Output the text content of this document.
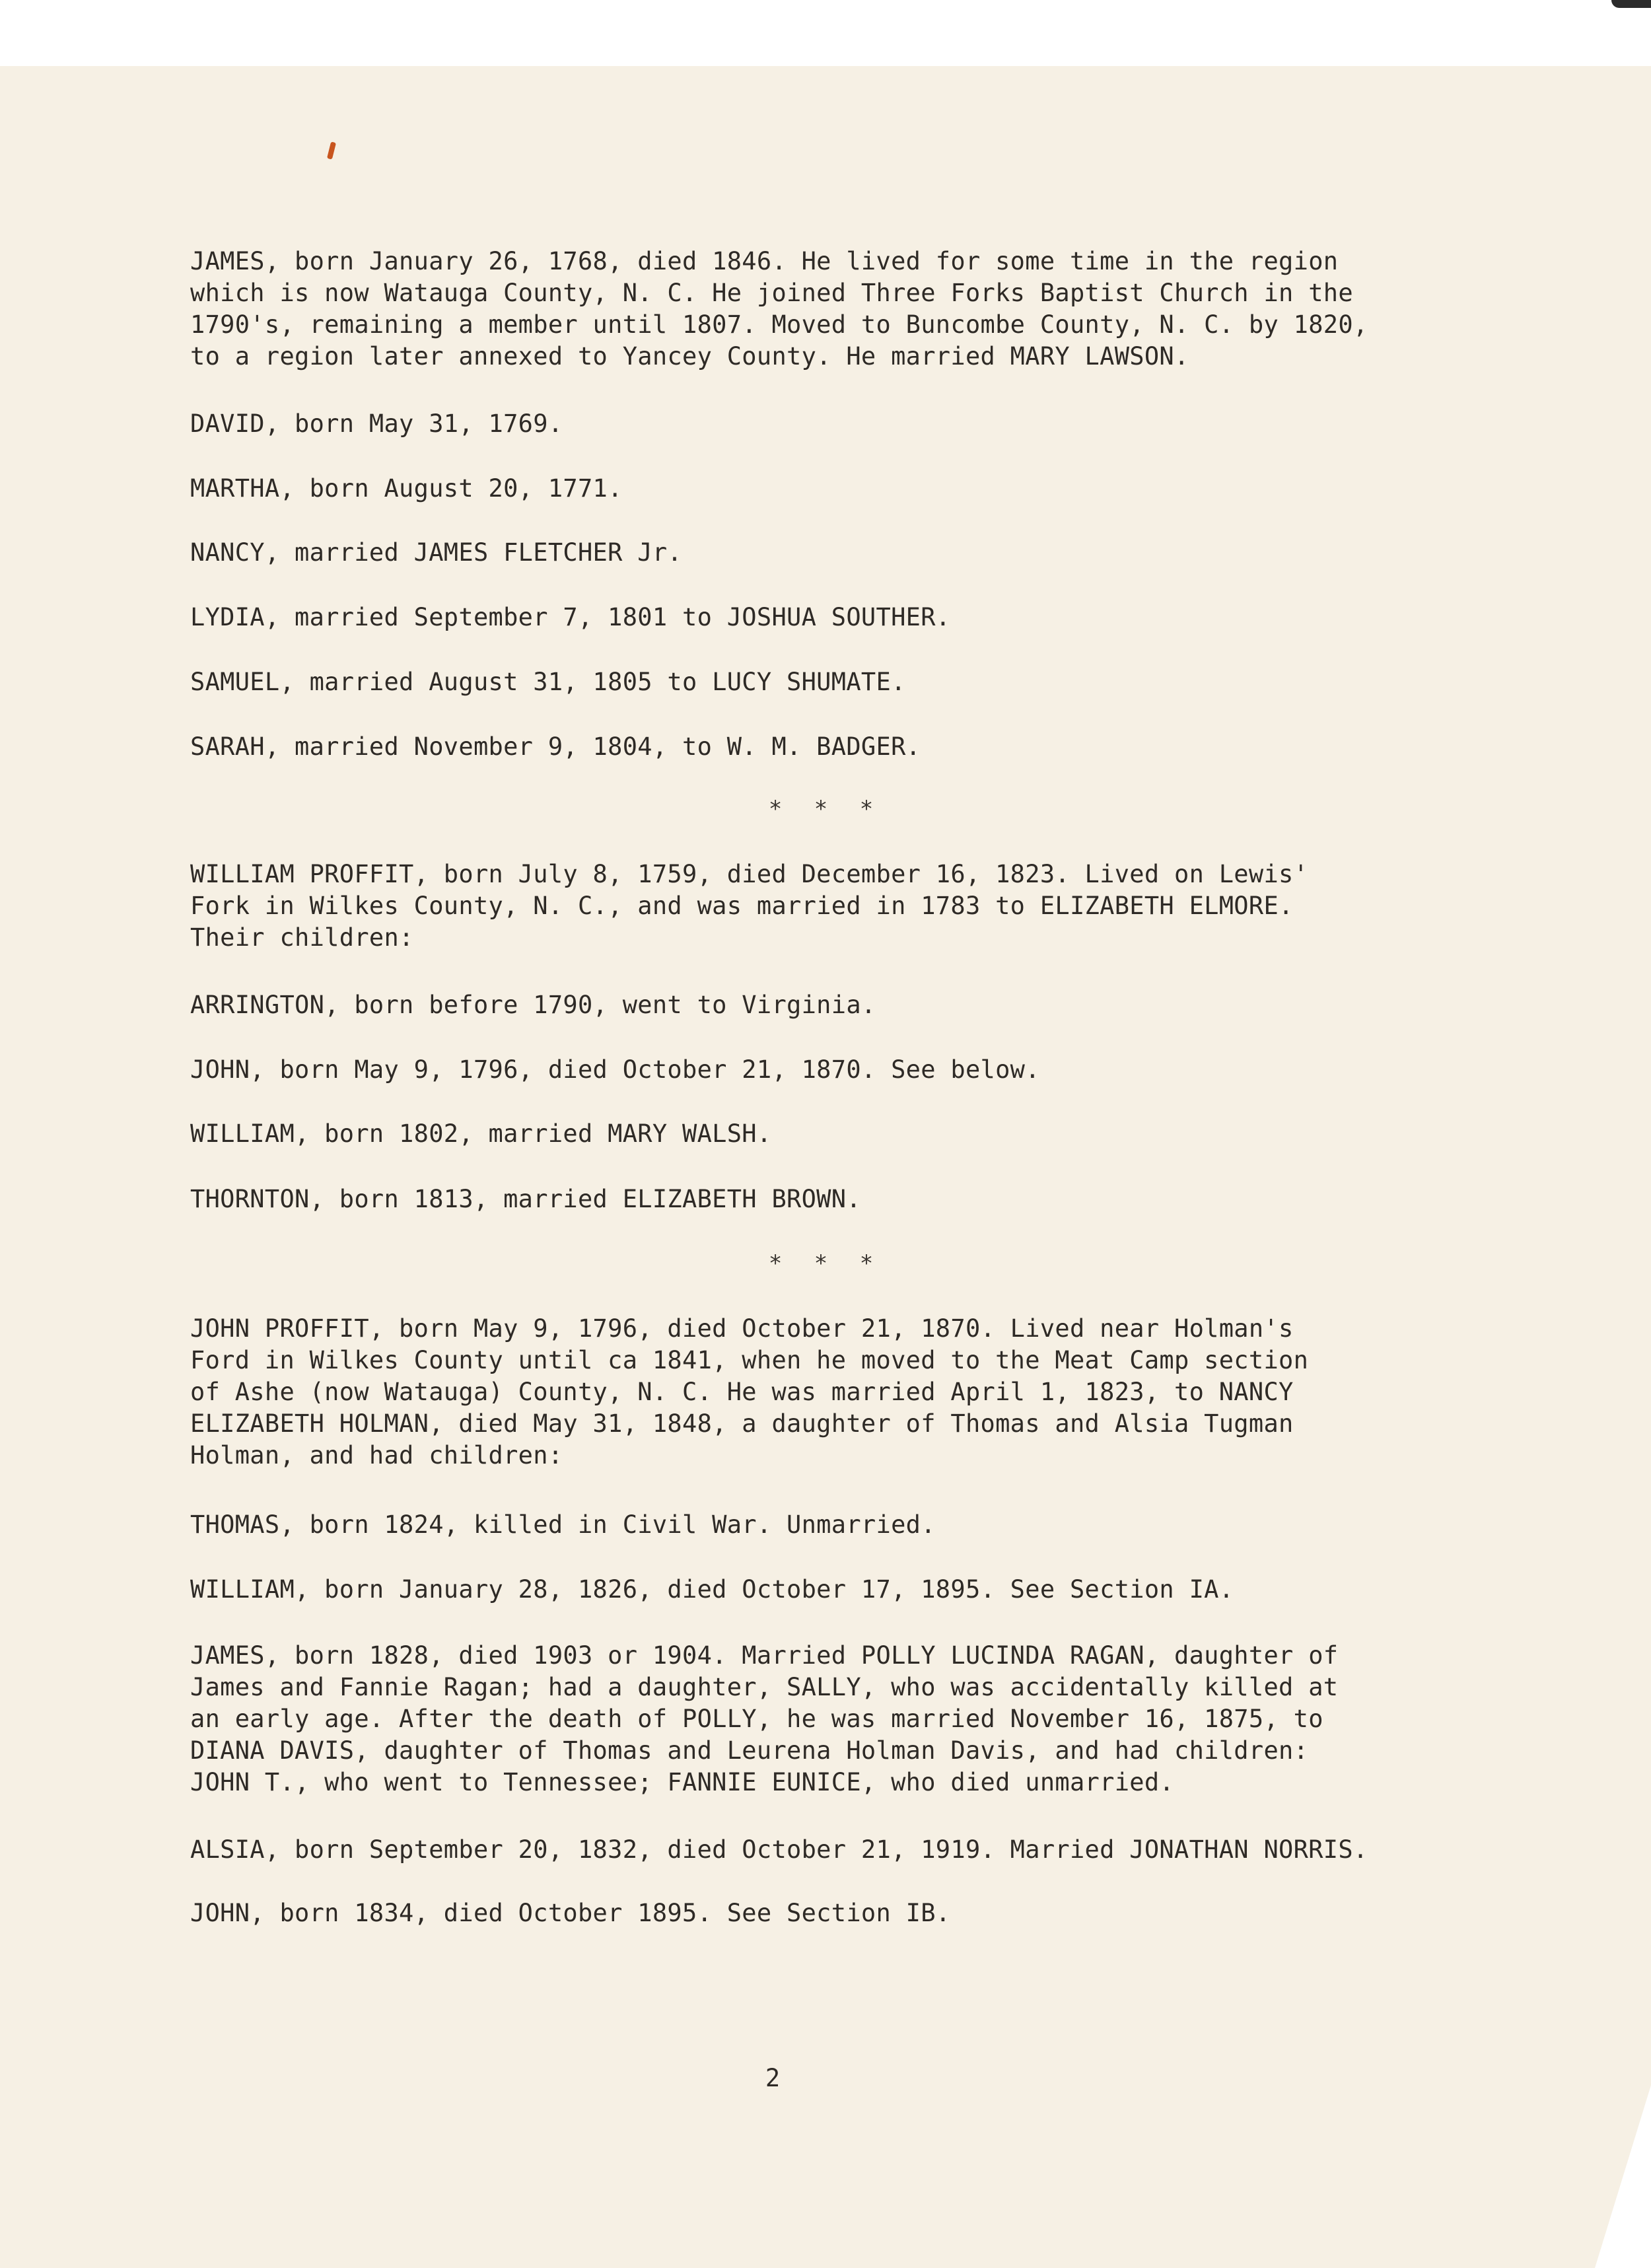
JAMES, born January 26, 1768, died 1846. He lived for some time in the region
which is now Watauga County, N. C. He joined Three Forks Baptist Church in the
1790's, remaining a member until 1807. Moved to Buncombe County, N. C. by 1820,
to a region later annexed to Yancey County. He married MARY LAWSON.

DAVID, born May 31, 1769.

MARTHA, born August 20, 1771.

NANCY, married JAMES FLETCHER Jr.

LYDIA, married September 7, 1801 to JOSHUA SOUTHER.

SAMUEL, married August 31, 1805 to LUCY SHUMATE.

SARAH, married November 9, 1804, to W. M. BADGER.

* * *

WILLIAM PROFFIT, born July 8, 1759, died December 16, 1823. Lived on Lewis'
Fork in Wilkes County, N. C., and was married in 1783 to ELIZABETH ELMORE.
Their children:

ARRINGTON, born before 1790, went to Virginia.

JOHN, born May 9, 1796, died October 21, 1870. See below.

WILLIAM, born 1802, married MARY WALSH.

THORNTON, born 1813, married ELIZABETH BROWN.

* * *

JOHN PROFFIT, born May 9, 1796, died October 21, 1870. Lived near Holman's
Ford in Wilkes County until ca 1841, when he moved to the Meat Camp section
of Ashe (now Watauga) County, N. C. He was married April 1, 1823, to NANCY
ELIZABETH HOLMAN, died May 31, 1848, a daughter of Thomas and Alsia Tugman
Holman, and had children:

THOMAS, born 1824, killed in Civil War. Unmarried.

WILLIAM, born January 28, 1826, died October 17, 1895. See Section IA.

JAMES, born 1828, died 1903 or 1904. Married POLLY LUCINDA RAGAN, daughter of
James and Fannie Ragan; had a daughter, SALLY, who was accidentally killed at
an early age. After the death of POLLY, he was married November 16, 1875, to
DIANA DAVIS, daughter of Thomas and Leurena Holman Davis, and had children:
JOHN T., who went to Tennessee; FANNIE EUNICE, who died unmarried.

ALSIA, born September 20, 1832, died October 21, 1919. Married JONATHAN NORRIS.

JOHN, born 1834, died October 1895. See Section IB.

2
